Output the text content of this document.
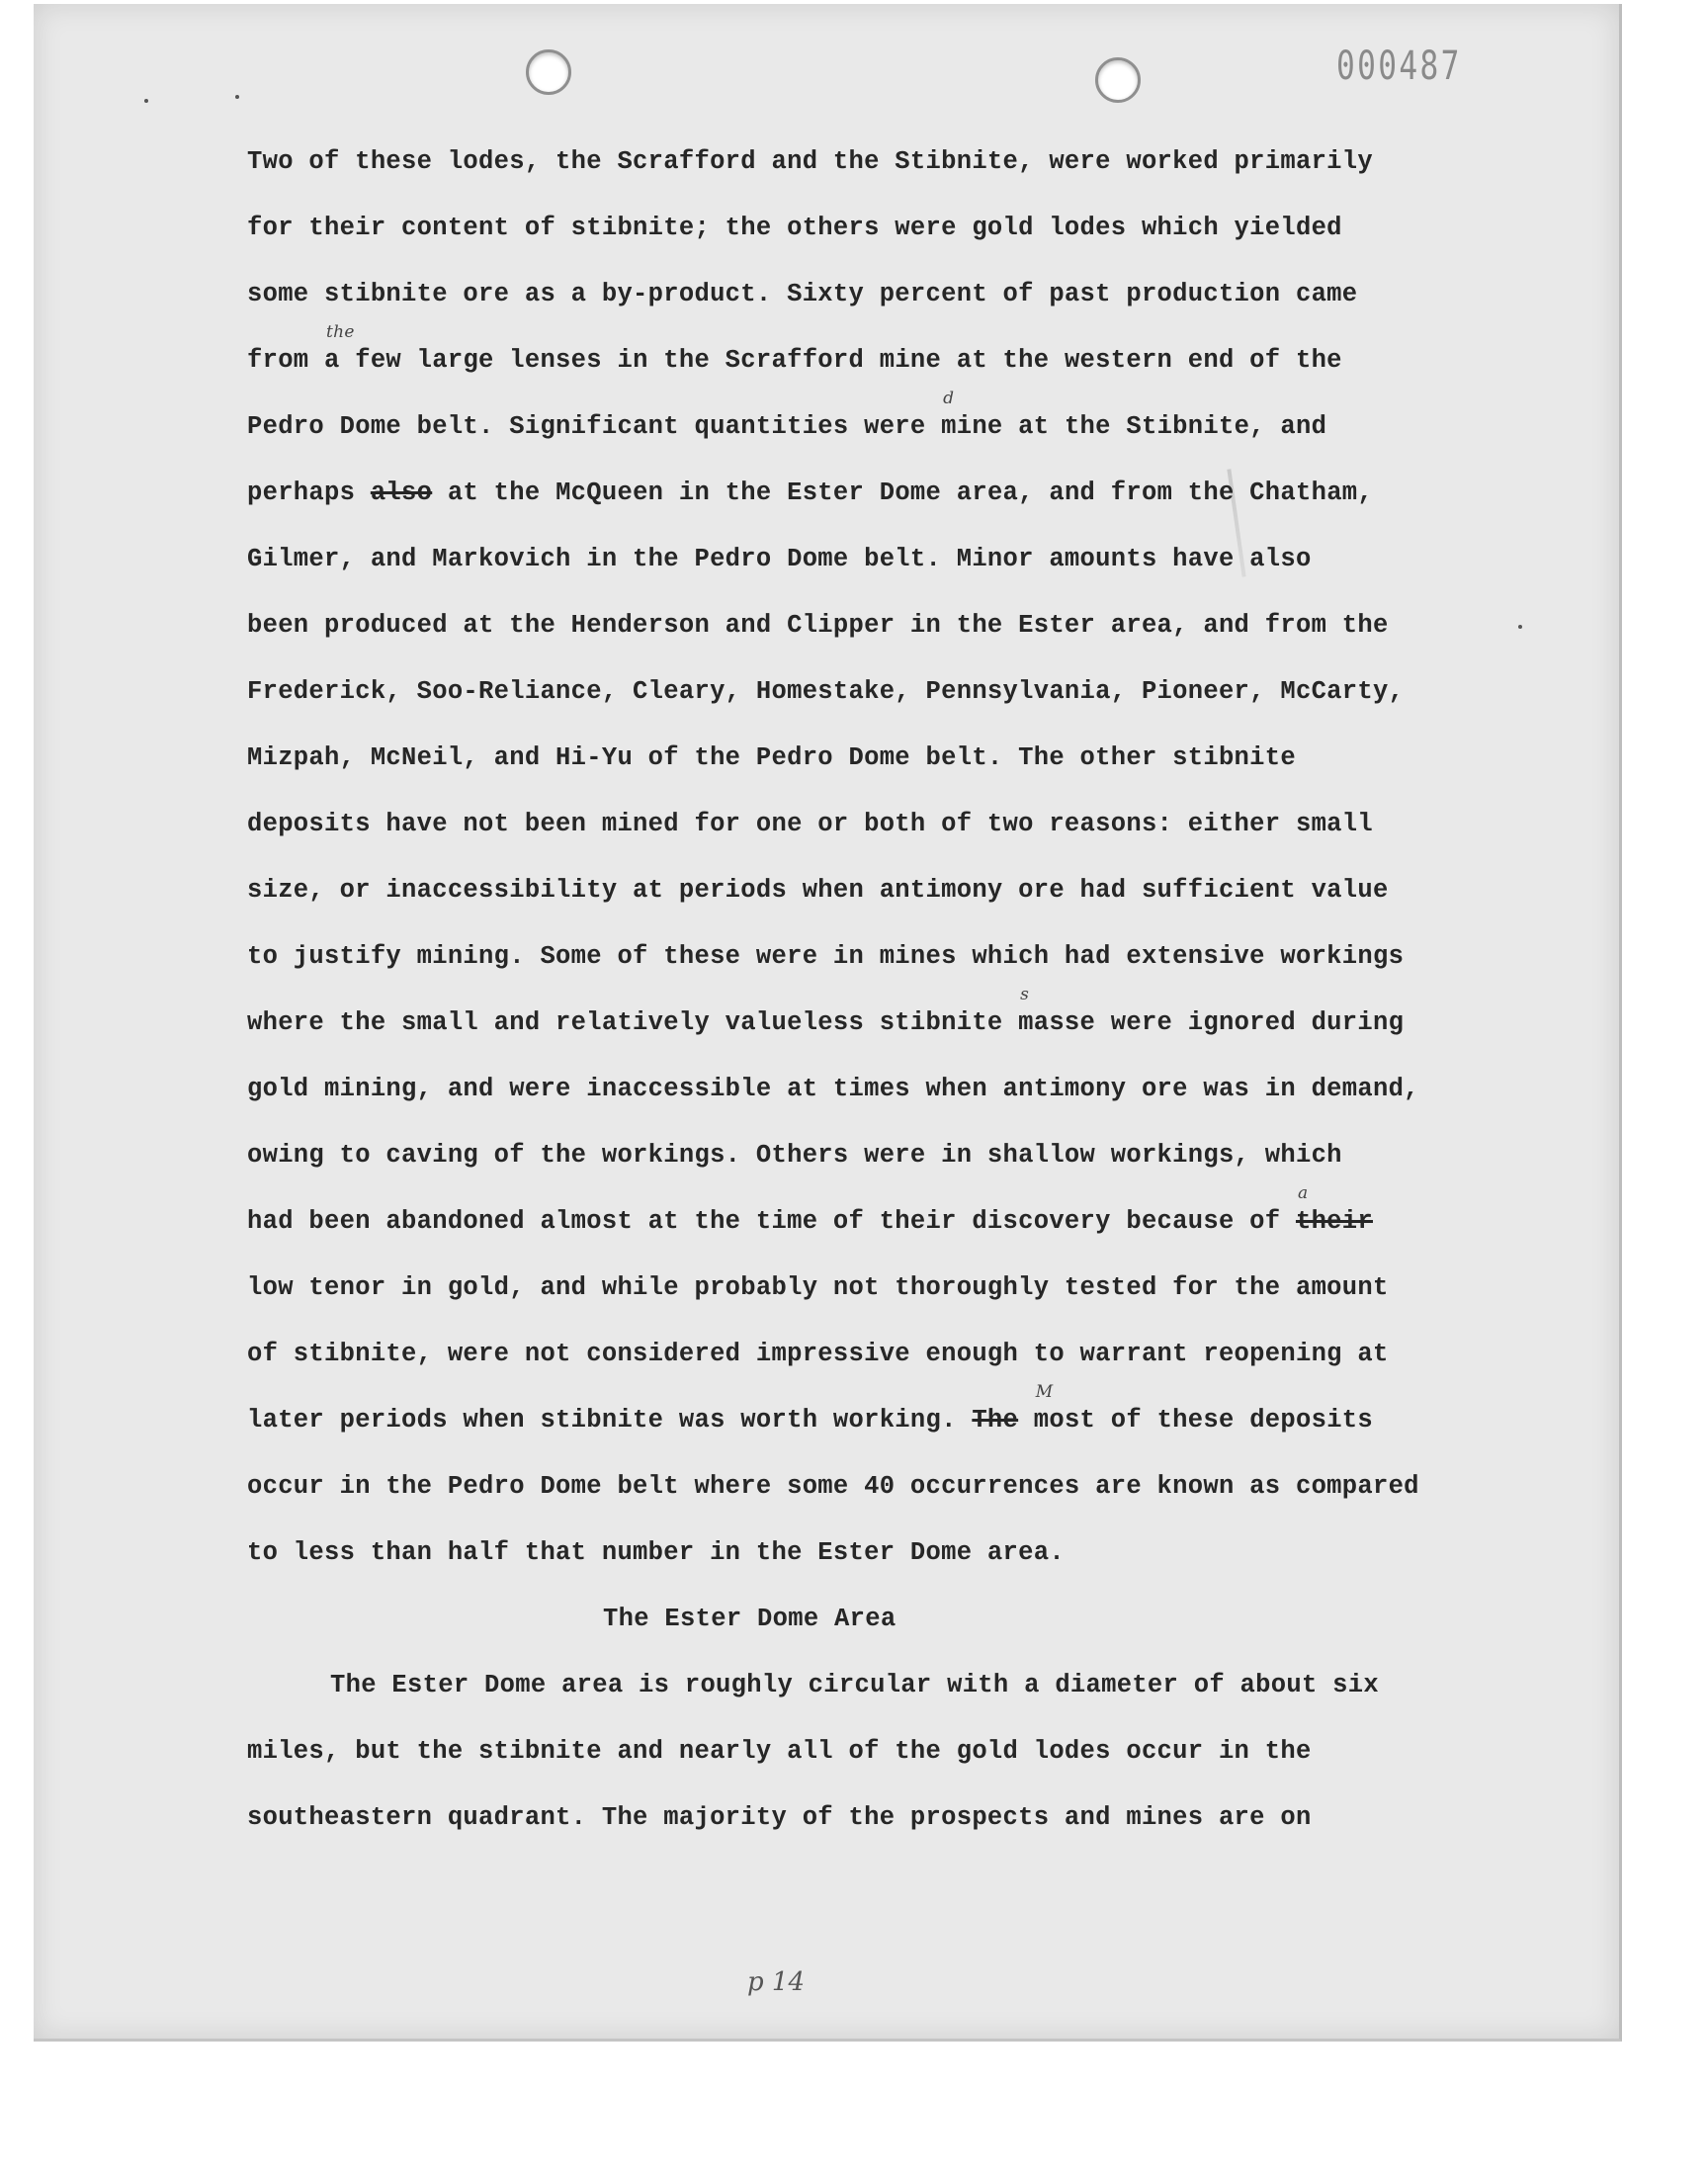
000487
Two of these lodes, the Scrafford and the Stibnite, were worked primarily
for their content of stibnite; the others were gold lodes which yielded
some stibnite ore as a by-product. Sixty percent of past production came
from a
the
few large lenses in the Scrafford mine at the western end of the
Pedro Dome belt. Significant quantities were mine
d
at the Stibnite, and
perhaps also at the McQueen in the Ester Dome area, and from the Chatham,
Gilmer, and Markovich in the Pedro Dome belt. Minor amounts have also
been produced at the Henderson and Clipper in the Ester area, and from the
Frederick, Soo-Reliance, Cleary, Homestake, Pennsylvania, Pioneer, McCarty,
Mizpah, McNeil, and Hi-Yu of the Pedro Dome belt. The other stibnite
deposits have not been mined for one or both of two reasons: either small
size, or inaccessibility at periods when antimony ore had sufficient value
to justify mining. Some of these were in mines which had extensive workings
where the small and relatively valueless stibnite masse
s
were ignored during
gold mining, and were inaccessible at times when antimony ore was in demand,
owing to caving of the workings. Others were in shallow workings, which
had been abandoned almost at the time of their discovery because of their
a
low tenor in gold, and while probably not thoroughly tested for the amount
of stibnite, were not considered impressive enough to warrant reopening at
later periods when stibnite was worth working. The most
M
of these deposits
occur in the Pedro Dome belt where some 40 occurrences are known as compared
to less than half that number in the Ester Dome area.
The Ester Dome Area
The Ester Dome area is roughly circular with a diameter of about six
miles, but the stibnite and nearly all of the gold lodes occur in the
southeastern quadrant. The majority of the prospects and mines are on
p 14
